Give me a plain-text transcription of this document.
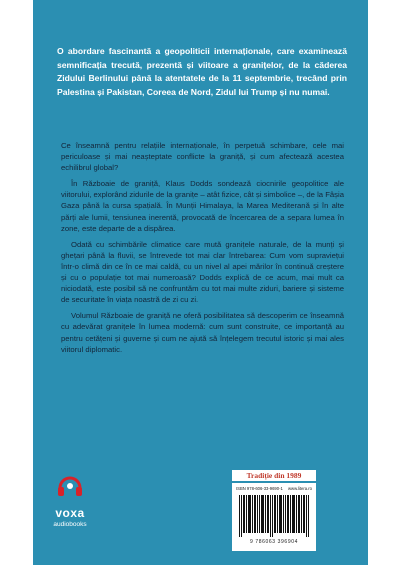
O abordare fascinantă a geopoliticii internaționale, care examinează semnificația trecută, prezentă și viitoare a granițelor, de la căderea Zidului Berlinului până la atentatele de la 11 septembrie, trecând prin Palestina și Pakistan, Coreea de Nord, Zidul lui Trump și nu numai.

Ce înseamnă pentru relațiile internaționale, în perpetuă schimbare, cele mai periculoase și mai neașteptate conflicte la graniță, și cum afectează acestea echilibrul global?

În Războaie de graniță, Klaus Dodds sondează ciocnirile geopolitice ale viitorului, explorând zidurile de la granițe – atât fizice, cât și simbolice –, de la Fâșia Gaza până la cursa spațială. În Munții Himalaya, la Marea Mediterană și în alte părți ale lumii, tensiunea inerentă, provocată de încercarea de a separa lumea în zone, este departe de a dispărea.

Odată cu schimbările climatice care mută granițele naturale, de la munți și ghețari până la fluvii, se întrevede tot mai clar întrebarea: Cum vom supraviețui într-o climă din ce în ce mai caldă, cu un nivel al apei mărilor în continuă creștere și cu o populație tot mai numeroasă? Dodds explică de ce acum, mai mult ca niciodată, este posibil să ne confruntăm cu tot mai multe ziduri, bariere și sisteme de securitate în viața noastră de zi cu zi.

Volumul Războaie de graniță ne oferă posibilitatea să descoperim ce înseamnă cu adevărat granițele în lumea modernă: cum sunt construite, ce importanță au pentru cetățeni și guverne și cum ne ajută să înțelegem trecutul istoric și mai ales viitorul diplomatic.

voxa
audiobooks
Tradiție din 1989
ISBN 978-606-33-9690-1 www.litera.ro
9 786063 396904
